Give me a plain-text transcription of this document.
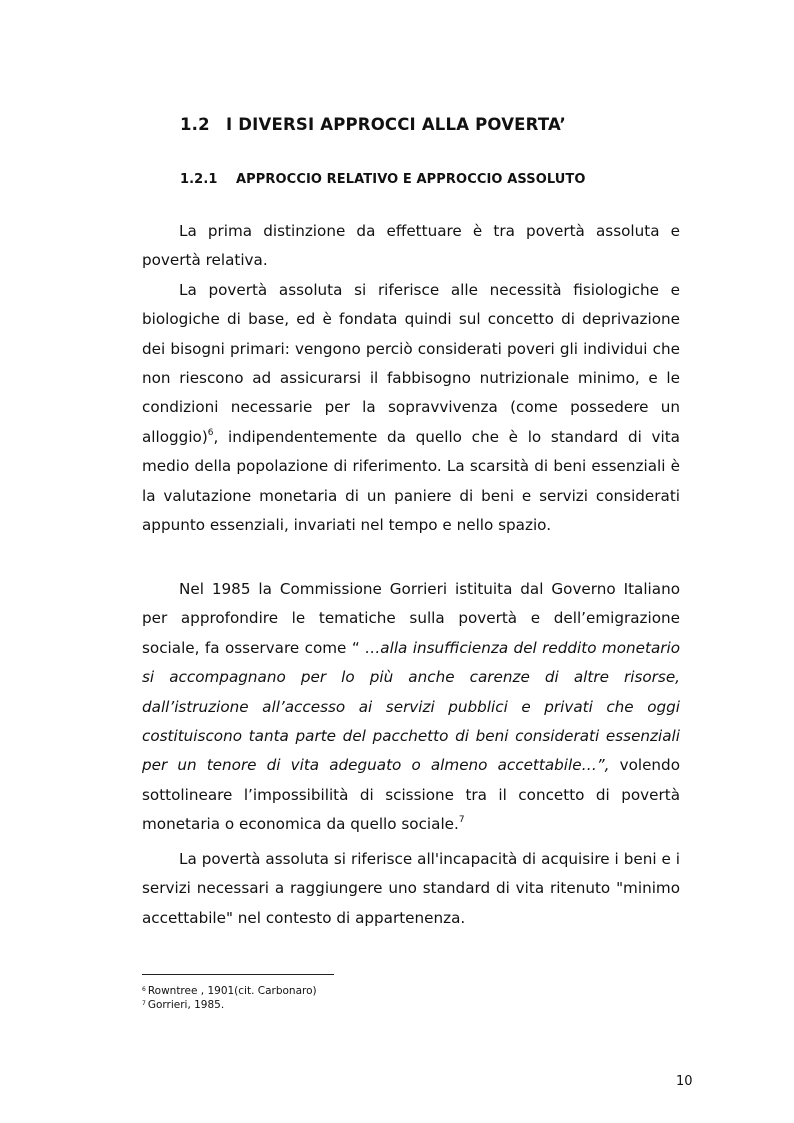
1.2 I DIVERSI APPROCCI ALLA POVERTA’
1.2.1 APPROCCIO RELATIVO E APPROCCIO ASSOLUTO

La prima distinzione da effettuare è tra povertà assoluta e povertà relativa.

La povertà assoluta si riferisce alle necessità fisiologiche e biologiche di base, ed è fondata quindi sul concetto di deprivazione dei bisogni primari: vengono perciò considerati poveri gli individui che non riescono ad assicurarsi il fabbisogno nutrizionale minimo, e le condizioni necessarie per la sopravvivenza (come possedere un alloggio)$^6$, indipendentemente da quello che è lo standard di vita medio della popolazione di riferimento. La scarsità di beni essenziali è la valutazione monetaria di un paniere di beni e servizi considerati appunto essenziali, invariati nel tempo e nello spazio.

Nel 1985 la Commissione Gorrieri istituita dal Governo Italiano per approfondire le tematiche sulla povertà e dell’emigrazione sociale, fa osservare come “ …alla insufficienza del reddito monetario si accompagnano per lo più anche carenze di altre risorse, dall’istruzione all’accesso ai servizi pubblici e privati che oggi costituiscono tanta parte del pacchetto di beni considerati essenziali per un tenore di vita adeguato o almeno accettabile…”, volendo sottolineare l’impossibilità di scissione tra il concetto di povertà monetaria o economica da quello sociale.$^7$

La povertà assoluta si riferisce all'incapacità di acquisire i beni e i servizi necessari a raggiungere uno standard di vita ritenuto "minimo accettabile" nel contesto di appartenenza.

$^6$ Rowntree , 1901(cit. Carbonaro)
$^7$ Gorrieri, 1985.
10
